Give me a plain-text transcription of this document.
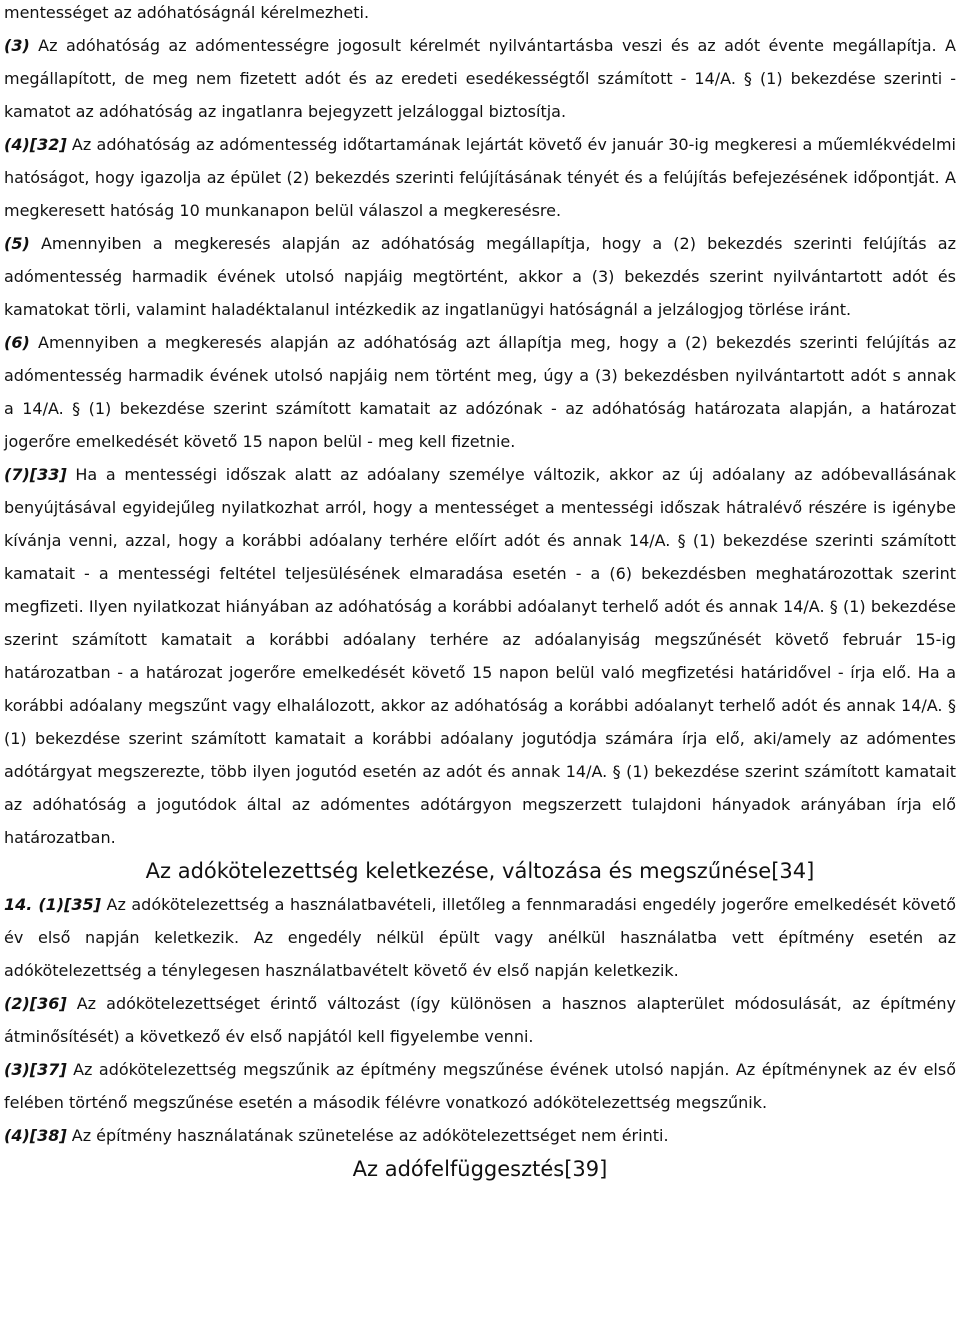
mentességet az adóhatóságnál kérelmezheti.

(3) Az adóhatóság az adómentességre jogosult kérelmét nyilvántartásba veszi és az adót évente megállapítja. A megállapított, de meg nem fizetett adót és az eredeti esedékességtől számított - 14/A. § (1) bekezdése szerinti - kamatot az adóhatóság az ingatlanra bejegyzett jelzáloggal biztosítja.

(4)[32] Az adóhatóság az adómentesség időtartamának lejártát követő év január 30-ig megkeresi a műemlékvédelmi hatóságot, hogy igazolja az épület (2) bekezdés szerinti felújításának tényét és a felújítás befejezésének időpontját. A megkeresett hatóság 10 munkanapon belül válaszol a megkeresésre.

(5) Amennyiben a megkeresés alapján az adóhatóság megállapítja, hogy a (2) bekezdés szerinti felújítás az adómentesség harmadik évének utolsó napjáig megtörtént, akkor a (3) bekezdés szerint nyilvántartott adót és kamatokat törli, valamint haladéktalanul intézkedik az ingatlanügyi hatóságnál a jelzálogjog törlése iránt.

(6) Amennyiben a megkeresés alapján az adóhatóság azt állapítja meg, hogy a (2) bekezdés szerinti felújítás az adómentesség harmadik évének utolsó napjáig nem történt meg, úgy a (3) bekezdésben nyilvántartott adót s annak a 14/A. § (1) bekezdése szerint számított kamatait az adózónak - az adóhatóság határozata alapján, a határozat jogerőre emelkedését követő 15 napon belül - meg kell fizetnie.

(7)[33] Ha a mentességi időszak alatt az adóalany személye változik, akkor az új adóalany az adóbevallásának benyújtásával egyidejűleg nyilatkozhat arról, hogy a mentességet a mentességi időszak hátralévő részére is igénybe kívánja venni, azzal, hogy a korábbi adóalany terhére előírt adót és annak 14/A. § (1) bekezdése szerinti számított kamatait - a mentességi feltétel teljesülésének elmaradása esetén - a (6) bekezdésben meghatározottak szerint megfizeti. Ilyen nyilatkozat hiányában az adóhatóság a korábbi adóalanyt terhelő adót és annak 14/A. § (1) bekezdése szerint számított kamatait a korábbi adóalany terhére az adóalanyiság megszűnését követő február 15-ig határozatban - a határozat jogerőre emelkedését követő 15 napon belül való megfizetési határidővel - írja elő. Ha a korábbi adóalany megszűnt vagy elhalálozott, akkor az adóhatóság a korábbi adóalanyt terhelő adót és annak 14/A. § (1) bekezdése szerint számított kamatait a korábbi adóalany jogutódja számára írja elő, aki/amely az adómentes adótárgyat megszerezte, több ilyen jogutód esetén az adót és annak 14/A. § (1) bekezdése szerint számított kamatait az adóhatóság a jogutódok által az adómentes adótárgyon megszerzett tulajdoni hányadok arányában írja elő határozatban.

Az adókötelezettség keletkezése, változása és megszűnése[34]

14. (1)[35] Az adókötelezettség a használatbavételi, illetőleg a fennmaradási engedély jogerőre emelkedését követő év első napján keletkezik. Az engedély nélkül épült vagy anélkül használatba vett építmény esetén az adókötelezettség a ténylegesen használatbavételt követő év első napján keletkezik.

(2)[36] Az adókötelezettséget érintő változást (így különösen a hasznos alapterület módosulását, az építmény átminősítését) a következő év első napjától kell figyelembe venni.

(3)[37] Az adókötelezettség megszűnik az építmény megszűnése évének utolsó napján. Az építménynek az év első felében történő megszűnése esetén a második félévre vonatkozó adókötelezettség megszűnik.

(4)[38] Az építmény használatának szünetelése az adókötelezettséget nem érinti.

Az adófelfüggesztés[39]
